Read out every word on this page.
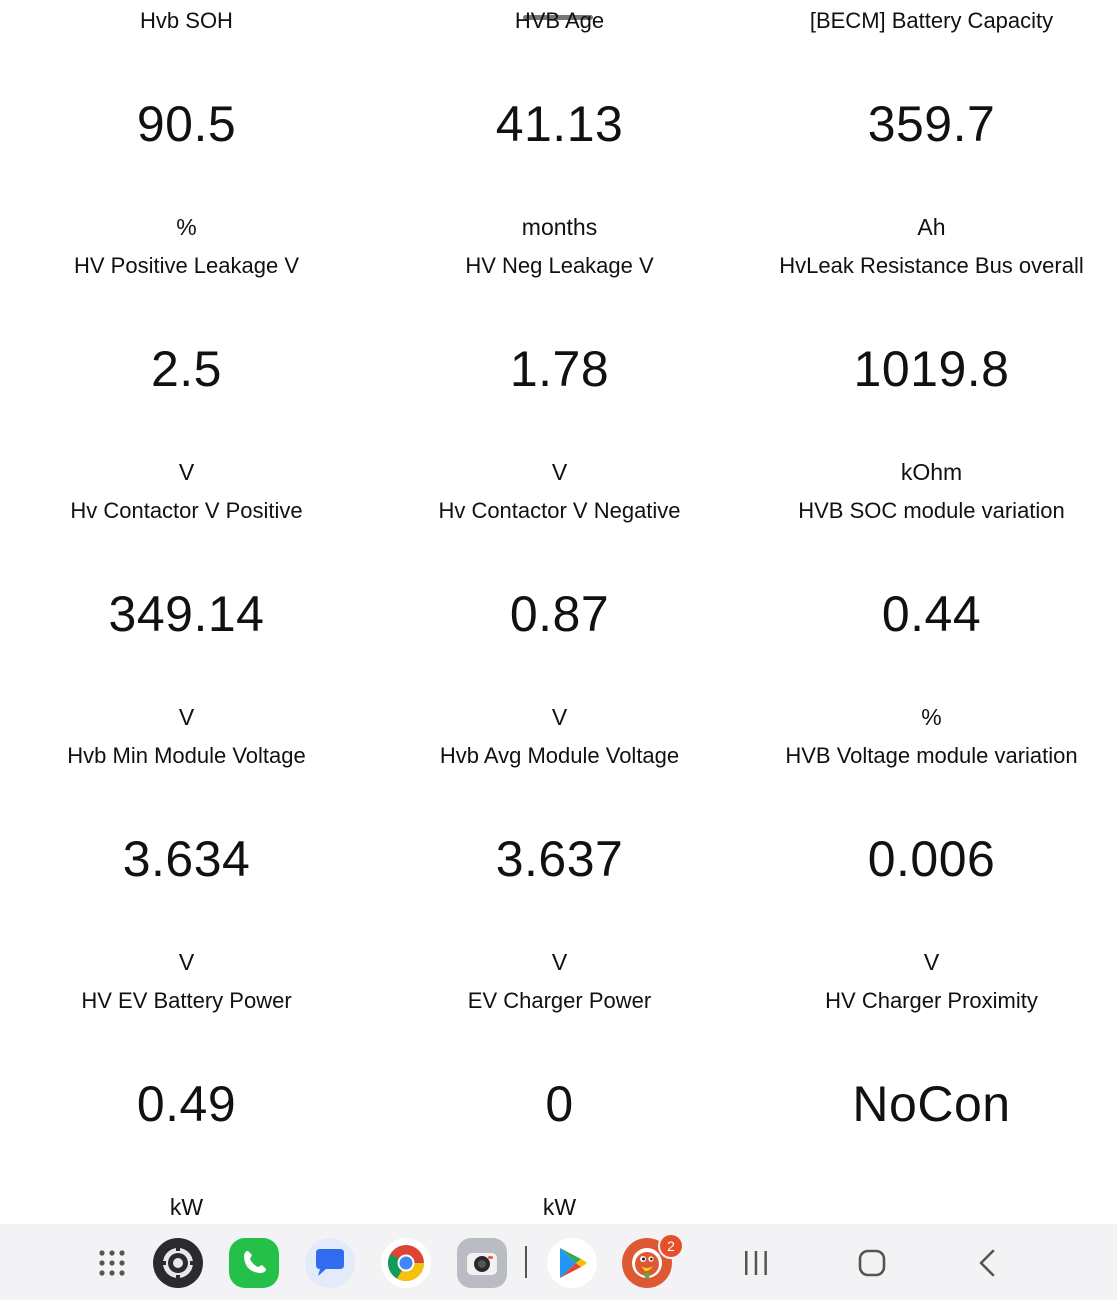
Hvb SOH
90.5
%
HVB Age
41.13
months
[BECM] Battery Capacity
359.7
Ah
HV Positive Leakage V
2.5
V
HV Neg Leakage V
1.78
V
HvLeak Resistance Bus overall
1019.8
kOhm
Hv Contactor V Positive
349.14
V
Hv Contactor V Negative
0.87
V
HVB SOC module variation
0.44
%
Hvb Min Module Voltage
3.634
V
Hvb Avg Module Voltage
3.637
V
HVB Voltage module variation
0.006
V
HV EV Battery Power
0.49
kW
EV Charger Power
0
kW
HV Charger Proximity
NoCon
2
